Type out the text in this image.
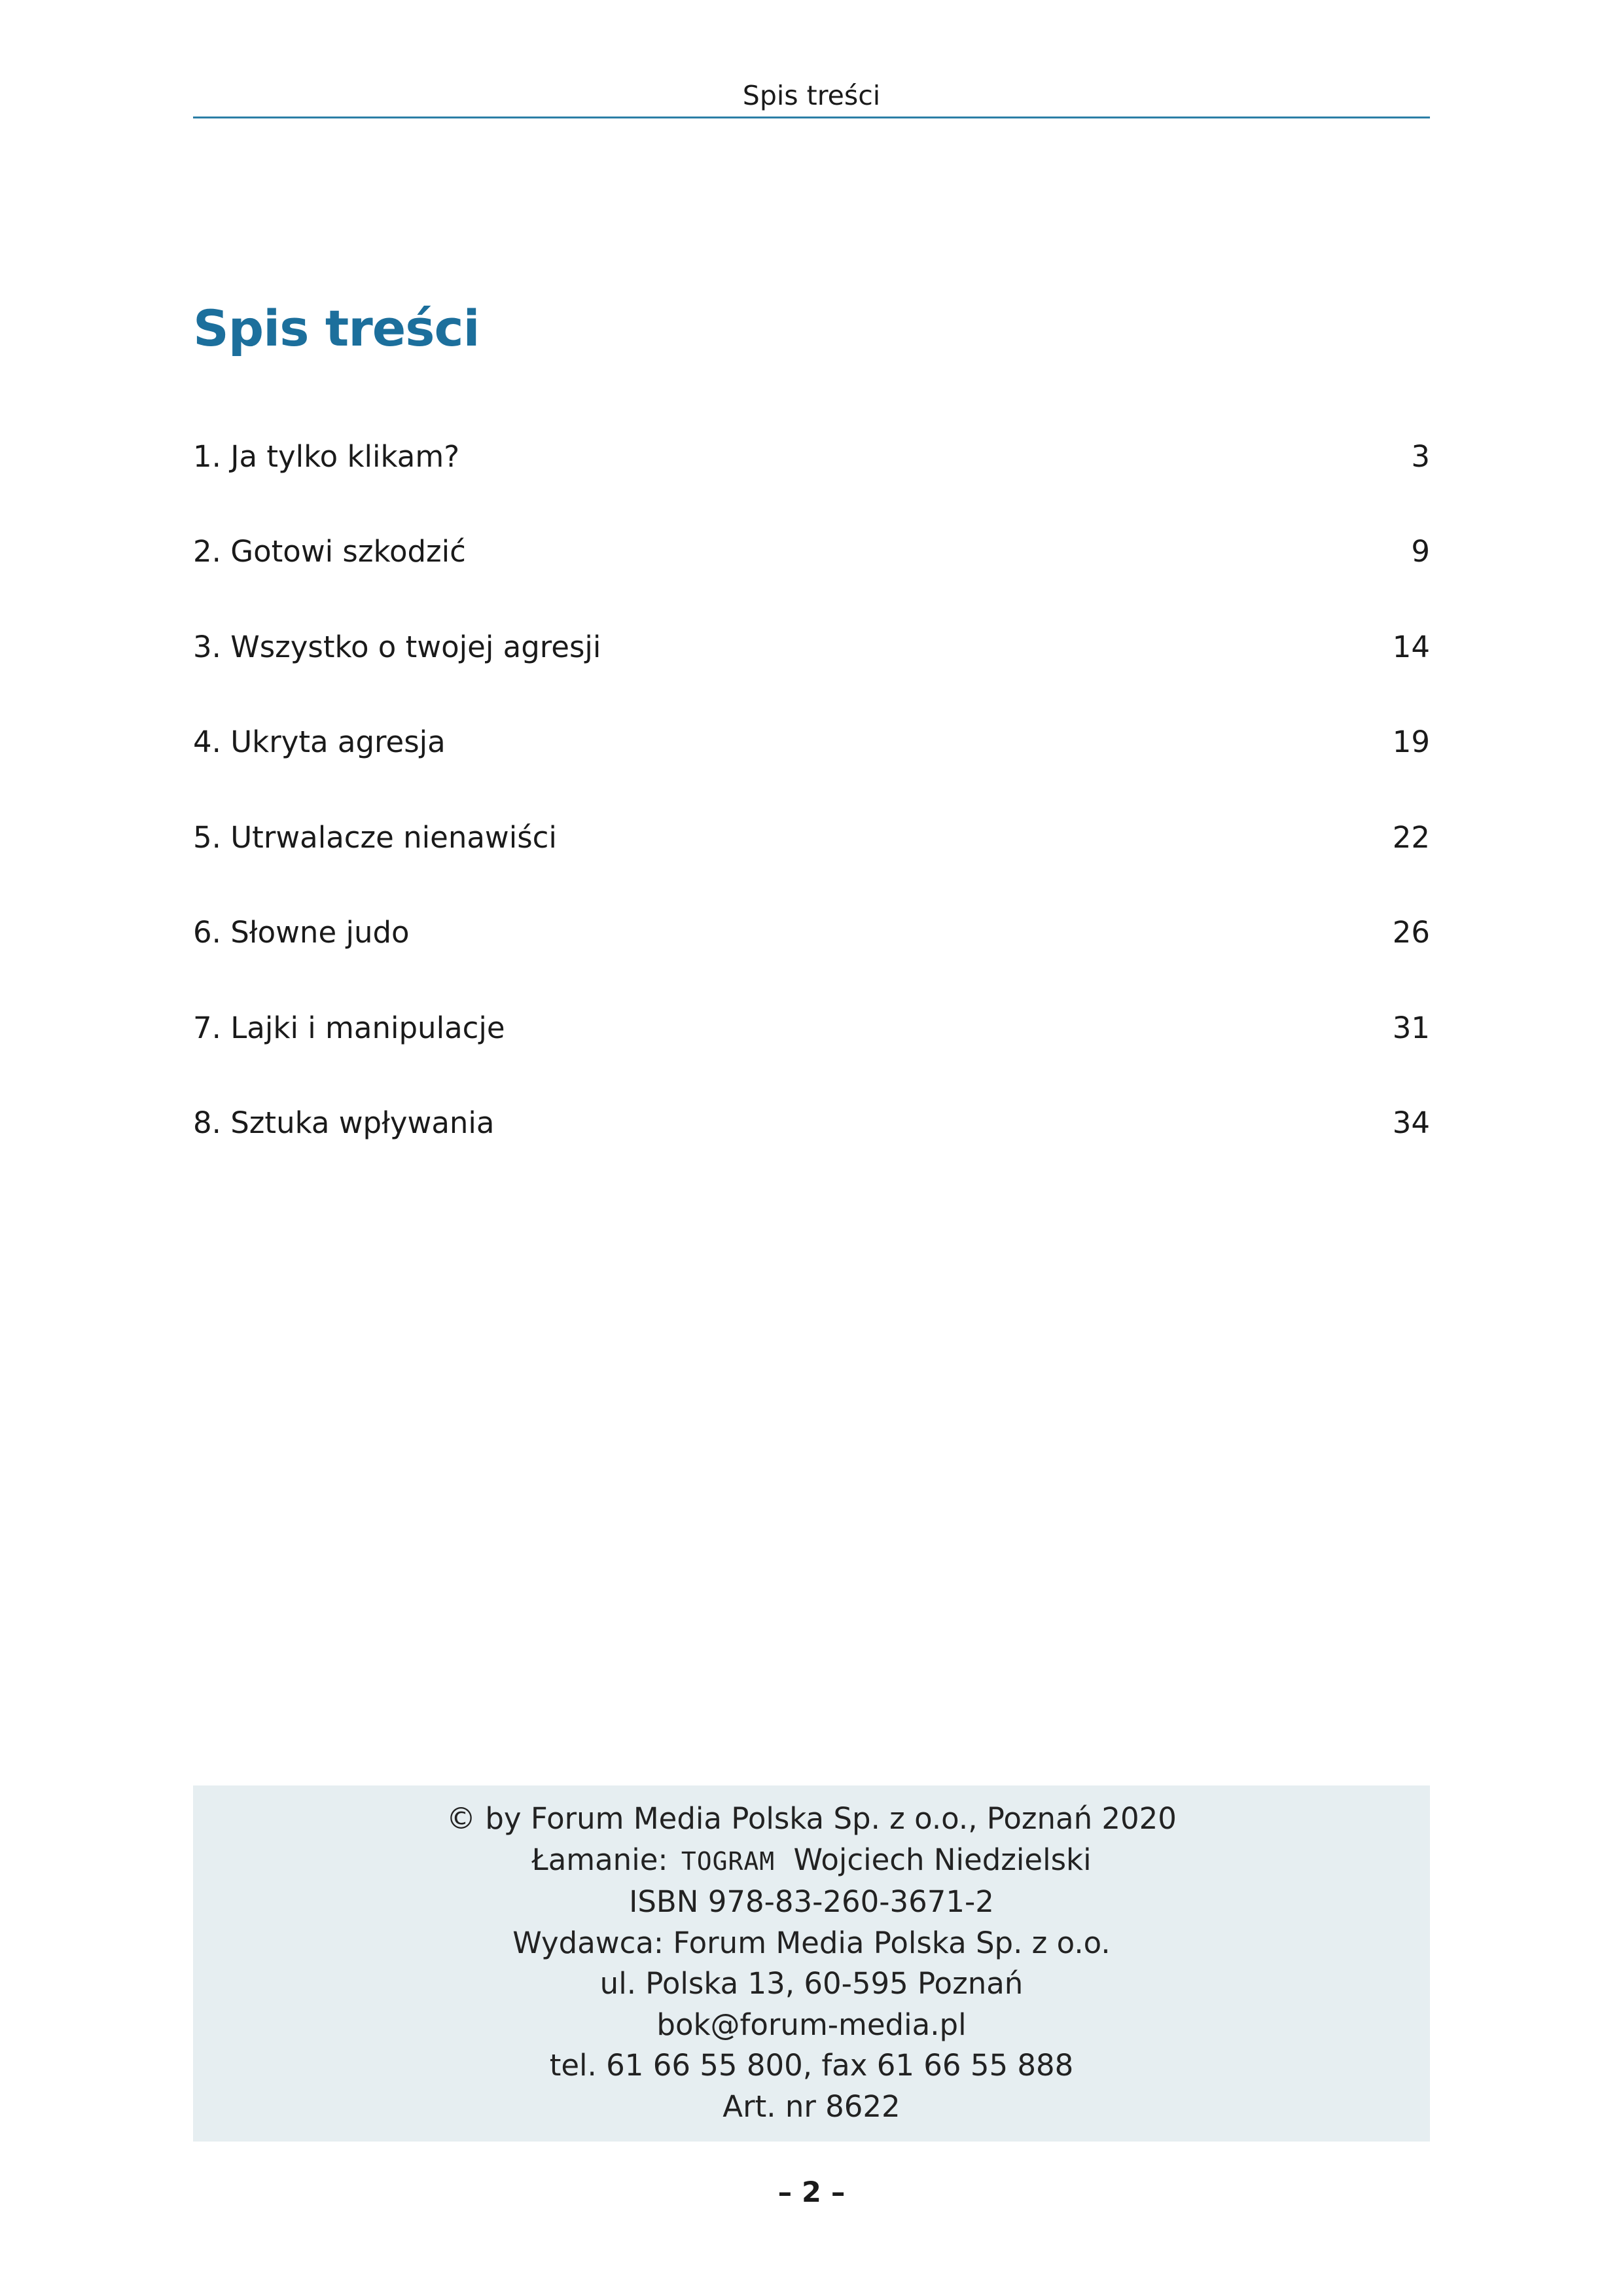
Spis treści
Spis treści
1. Ja tylko klikam?	3
2. Gotowi szkodzić	9
3. Wszystko o twojej agresji	14
4. Ukryta agresja	19
5. Utrwalacze nienawiści	22
6. Słowne judo	26
7. Lajki i manipulacje	31
8. Sztuka wpływania	34
© by Forum Media Polska Sp. z o.o., Poznań 2020
Łamanie: TOGRAM Wojciech Niedzielski
ISBN 978-83-260-3671-2
Wydawca: Forum Media Polska Sp. z o.o.
ul. Polska 13, 60-595 Poznań
bok@forum-media.pl
tel. 61 66 55 800, fax 61 66 55 888
Art. nr 8622
– 2 –
